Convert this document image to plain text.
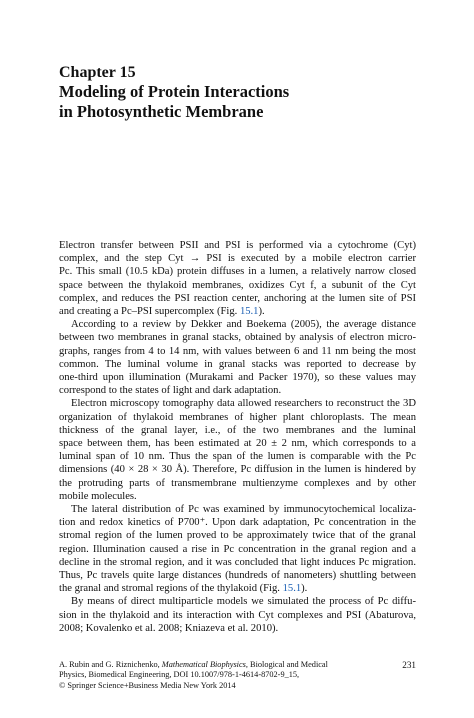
Chapter 15
Modeling of Protein Interactions
in Photosynthetic Membrane
Electron transfer between PSII and PSI is performed via a cytochrome (Cyt)
complex, and the step Cyt → PSI is executed by a mobile electron carrier
Pc. This small (10.5 kDa) protein diffuses in a lumen, a relatively narrow closed
space between the thylakoid membranes, oxidizes Cyt f, a subunit of the Cyt
complex, and reduces the PSI reaction center, anchoring at the lumen site of PSI
and creating a Pc–PSI supercomplex (Fig. 15.1).
According to a review by Dekker and Boekema (2005), the average distance
between two membranes in granal stacks, obtained by analysis of electron micro-
graphs, ranges from 4 to 14 nm, with values between 6 and 11 nm being the most
common. The luminal volume in granal stacks was reported to decrease by
one-third upon illumination (Murakami and Packer 1970), so these values may
correspond to the states of light and dark adaptation.
Electron microscopy tomography data allowed researchers to reconstruct the 3D
organization of thylakoid membranes of higher plant chloroplasts. The mean
thickness of the granal layer, i.e., of the two membranes and the luminal
space between them, has been estimated at 20 ± 2 nm, which corresponds to a
luminal span of 10 nm. Thus the span of the lumen is comparable with the Pc
dimensions (40 × 28 × 30 Å). Therefore, Pc diffusion in the lumen is hindered by
the protruding parts of transmembrane multienzyme complexes and by other
mobile molecules.
The lateral distribution of Pc was examined by immunocytochemical localiza-
tion and redox kinetics of P700⁺. Upon dark adaptation, Pc concentration in the
stromal region of the lumen proved to be approximately twice that of the granal
region. Illumination caused a rise in Pc concentration in the granal region and a
decline in the stromal region, and it was concluded that light induces Pc migration.
Thus, Pc travels quite large distances (hundreds of nanometers) shuttling between
the granal and stromal regions of the thylakoid (Fig. 15.1).
By means of direct multiparticle models we simulated the process of Pc diffu-
sion in the thylakoid and its interaction with Cyt complexes and PSI (Abaturova,
2008; Kovalenko et al. 2008; Kniazeva et al. 2010).
A. Rubin and G. Riznichenko, Mathematical Biophysics, Biological and Medical	231
Physics, Biomedical Engineering, DOI 10.1007/978-1-4614-8702-9_15,
© Springer Science+Business Media New York 2014
